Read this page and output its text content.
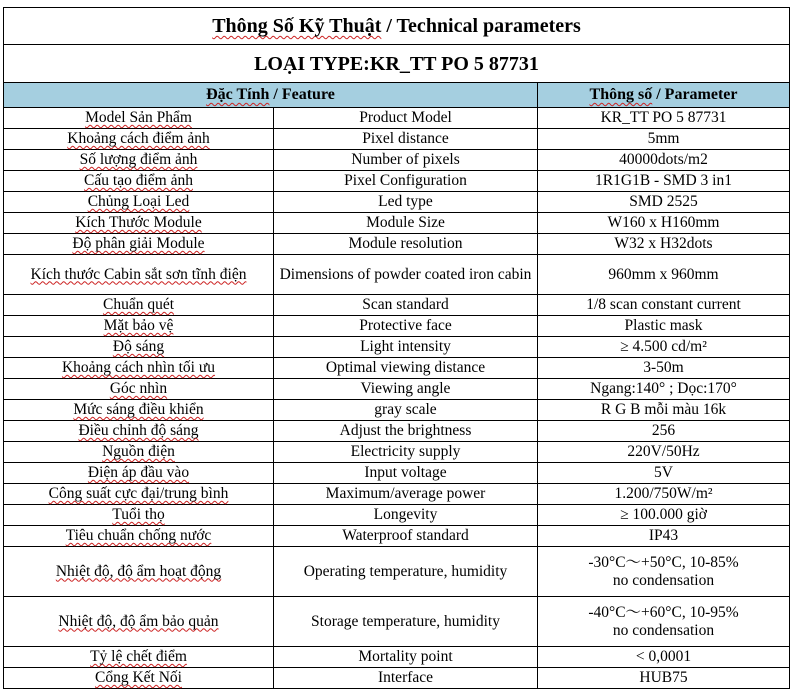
Thông Số Kỹ Thuật / Technical parameters		
LOẠI TYPE:KR_TT PO 5 87731		
Đặc Tính / Feature		Thông số / Parameter
Model Sản Phẩm	Product Model	KR_TT PO 5 87731
Khoảng cách điểm ảnh	Pixel distance	5mm
Số lượng điểm ảnh	Number of pixels	40000dots/m2
Cấu tạo điểm ảnh	Pixel Configuration	1R1G1B - SMD 3 in1
Chủng Loại Led	Led type	SMD 2525
Kích Thước Module	Module Size	W160 x H160mm
Độ phân giải Module	Module resolution	W32 x H32dots
Kích thước Cabin sắt sơn tĩnh điện	Dimensions of powder coated iron cabin	960mm x 960mm
Chuẩn quét	Scan standard	1/8 scan constant current
Mặt bảo vệ	Protective face	Plastic mask
Độ sáng	Light intensity	≥ 4.500 cd/m²
Khoảng cách nhìn tối ưu	Optimal viewing distance	3-50m
Góc nhìn	Viewing angle	Ngang:140° ; Dọc:170°
Mức sáng điều khiển	gray scale	R G B mỗi màu 16k
Điều chỉnh độ sáng	Adjust the brightness	256
Nguồn điện	Electricity supply	220V/50Hz
Điện áp đầu vào	Input voltage	5V
Công suất cực đại/trung bình	Maximum/average power	1.200/750W/m²
Tuổi thọ	Longevity	≥ 100.000 giờ
Tiêu chuẩn chống nước	Waterproof standard	IP43
Nhiệt độ, độ ẩm hoạt động	Operating temperature, humidity	-30°C～+50°C, 10-85%
no condensation
Nhiệt độ, độ ẩm bảo quản	Storage temperature, humidity	-40°C～+60°C, 10-95%
no condensation
Tỷ lệ chết điểm	Mortality point	< 0,0001
Cổng Kết Nối	Interface	HUB75
